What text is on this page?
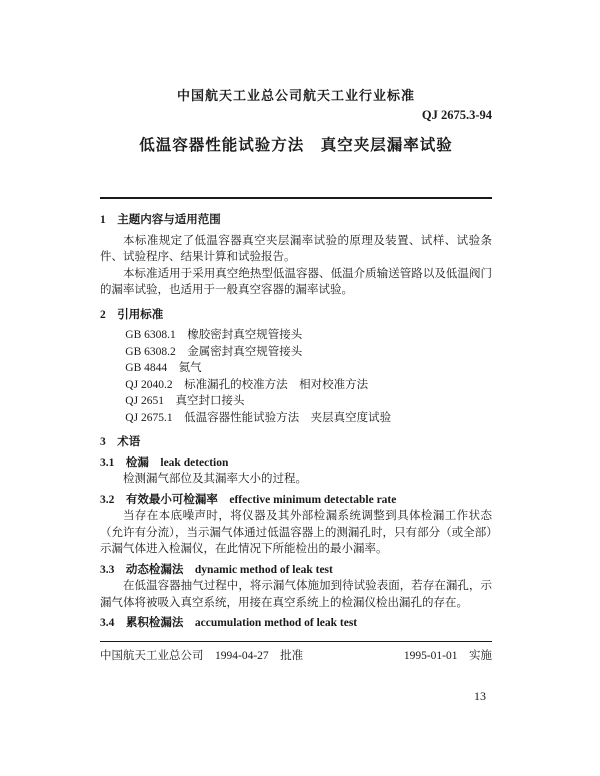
中国航天工业总公司航天工业行业标准
QJ 2675.3-94
低温容器性能试验方法　真空夹层漏率试验
1　主题内容与适用范围

本标准规定了低温容器真空夹层漏率试验的原理及装置、试样、试验条件、试验程序、结果计算和试验报告。

本标准适用于采用真空绝热型低温容器、低温介质输送管路以及低温阀门的漏率试验，也适用于一般真空容器的漏率试验。

2　引用标准
GB 6308.1　橡胶密封真空规管接头
GB 6308.2　金属密封真空规管接头
GB 4844　氦气
QJ 2040.2　标准漏孔的校准方法　相对校准方法
QJ 2651　真空封口接头
QJ 2675.1　低温容器性能试验方法　夹层真空度试验
3　术语
3.1　检漏　leak detection

检测漏气部位及其漏率大小的过程。

3.2　有效最小可检漏率　effective minimum detectable rate

当存在本底噪声时，将仪器及其外部检漏系统调整到具体检漏工作状态（允许有分流），当示漏气体通过低温容器上的测漏孔时，只有部分（或全部）示漏气体进入检漏仪，在此情况下所能检出的最小漏率。

3.3　动态检漏法　dynamic method of leak test

在低温容器抽气过程中，将示漏气体施加到待试验表面，若存在漏孔，示漏气体将被吸入真空系统，用接在真空系统上的检漏仪检出漏孔的存在。

3.4　累积检漏法　accumulation method of leak test
中国航天工业总公司　1994-04-27　批准	1995-01-01　实施
13
